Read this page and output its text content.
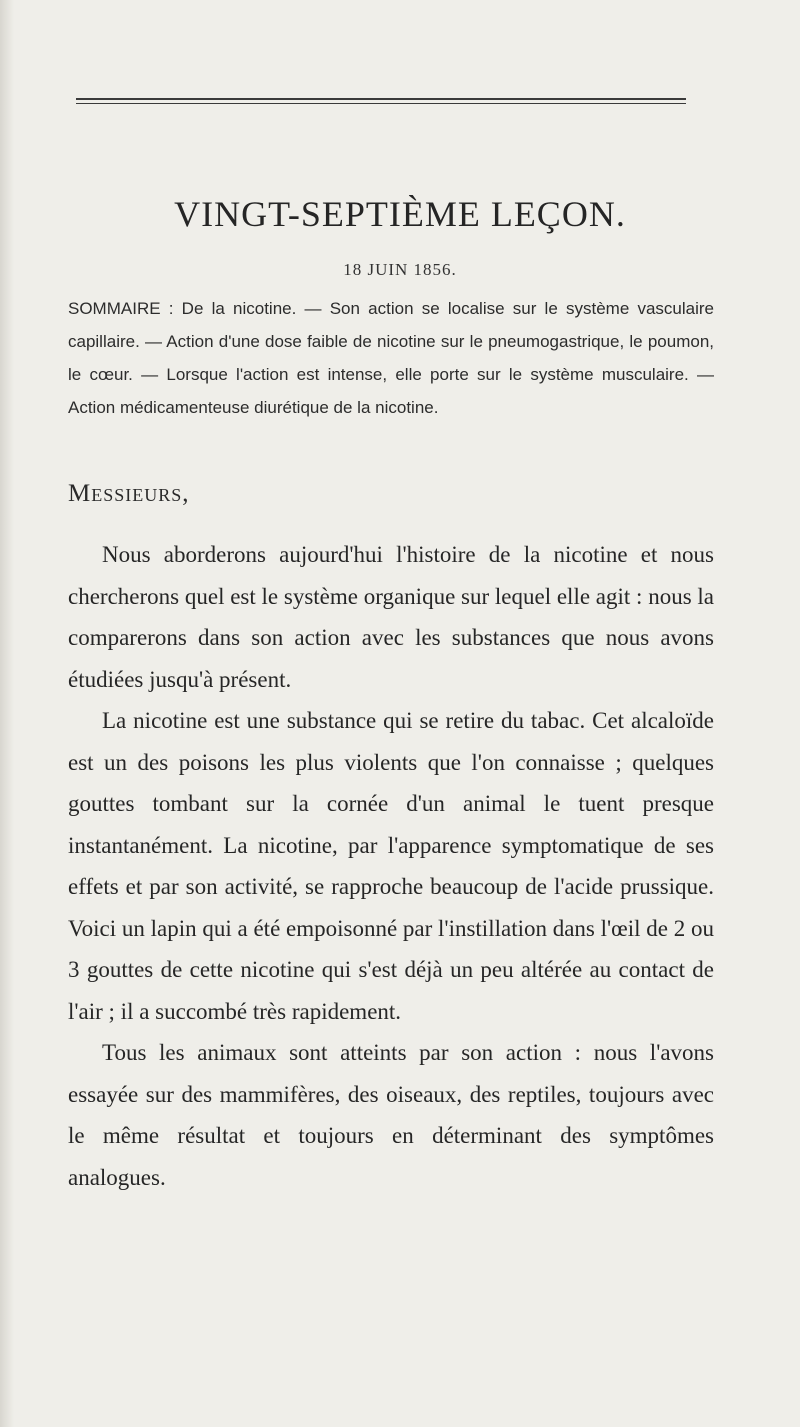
VINGT-SEPTIÈME LEÇON.
18 JUIN 1856.

SOMMAIRE : De la nicotine. — Son action se localise sur le système vasculaire capillaire. — Action d'une dose faible de nicotine sur le pneumogastrique, le poumon, le cœur. — Lorsque l'action est intense, elle porte sur le système musculaire. — Action médicamenteuse diurétique de la nicotine.

Messieurs,

Nous aborderons aujourd'hui l'histoire de la nicotine et nous chercherons quel est le système organique sur lequel elle agit : nous la comparerons dans son action avec les substances que nous avons étudiées jusqu'à présent.

La nicotine est une substance qui se retire du tabac. Cet alcaloïde est un des poisons les plus violents que l'on connaisse ; quelques gouttes tombant sur la cornée d'un animal le tuent presque instantanément. La nicotine, par l'apparence symptomatique de ses effets et par son activité, se rapproche beaucoup de l'acide prussique. Voici un lapin qui a été empoisonné par l'instillation dans l'œil de 2 ou 3 gouttes de cette nicotine qui s'est déjà un peu altérée au contact de l'air ; il a succombé très rapidement.

Tous les animaux sont atteints par son action : nous l'avons essayée sur des mammifères, des oiseaux, des reptiles, toujours avec le même résultat et toujours en déterminant des symptômes analogues.
